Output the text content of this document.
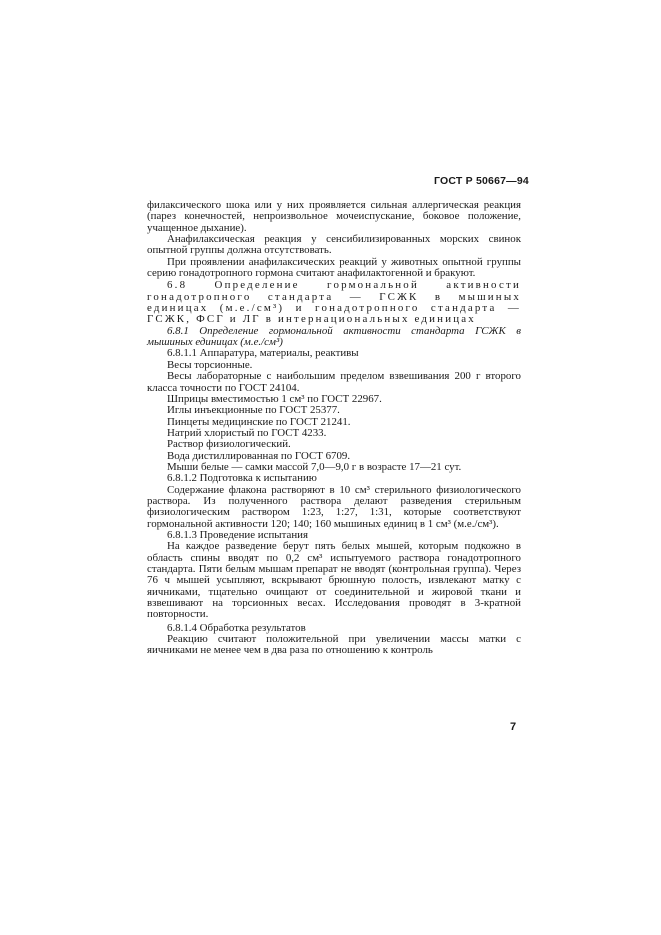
ГОСТ Р 50667—94

филаксического шока или у них проявляется сильная аллергическая реакция (парез конечностей, непроизвольное мочеиспускание, боковое положение, учащенное дыхание).

Анафилаксическая реакция у сенсибилизированных морских свинок опытной группы должна отсутствовать.

При проявлении анафилаксических реакций у животных опытной группы серию гонадотропного гормона считают анафилактогенной и бракуют.

6.8 Определение гормональной активности гонадотропного стандарта — ГСЖК в мышиных единицах (м.е./см³) и гонадотропного стандарта — ГСЖК, ФСГ и ЛГ в интернациональных единицах

6.8.1 Определение гормональной активности стандарта ГСЖК в мышиных единицах (м.е./см³)

6.8.1.1 Аппаратура, материалы, реактивы

Весы торсионные.

Весы лабораторные с наибольшим пределом взвешивания 200 г второго класса точности по ГОСТ 24104.

Шприцы вместимостью 1 см³ по ГОСТ 22967.

Иглы инъекционные по ГОСТ 25377.

Пинцеты медицинские по ГОСТ 21241.

Натрий хлористый по ГОСТ 4233.

Раствор физиологический.

Вода дистиллированная по ГОСТ 6709.

Мыши белые — самки массой 7,0—9,0 г в возрасте 17—21 сут.

6.8.1.2 Подготовка к испытанию

Содержание флакона растворяют в 10 см³ стерильного физиологического раствора. Из полученного раствора делают разведения стерильным физиологическим раствором 1:23, 1:27, 1:31, которые соответствуют гормональной активности 120; 140; 160 мышиных единиц в 1 см³ (м.е./см³).

6.8.1.3 Проведение испытания

На каждое разведение берут пять белых мышей, которым подкожно в область спины вводят по 0,2 см³ испытуемого раствора гонадотропного стандарта. Пяти белым мышам препарат не вводят (контрольная группа). Через 76 ч мышей усыпляют, вскрывают брюшную полость, извлекают матку с яичниками, тщательно очищают от соединительной и жировой ткани и взвешивают на торсионных весах. Исследования проводят в 3-кратной повторности.

6.8.1.4 Обработка результатов

Реакцию считают положительной при увеличении массы матки с яичниками не менее чем в два раза по отношению к контроль

7
